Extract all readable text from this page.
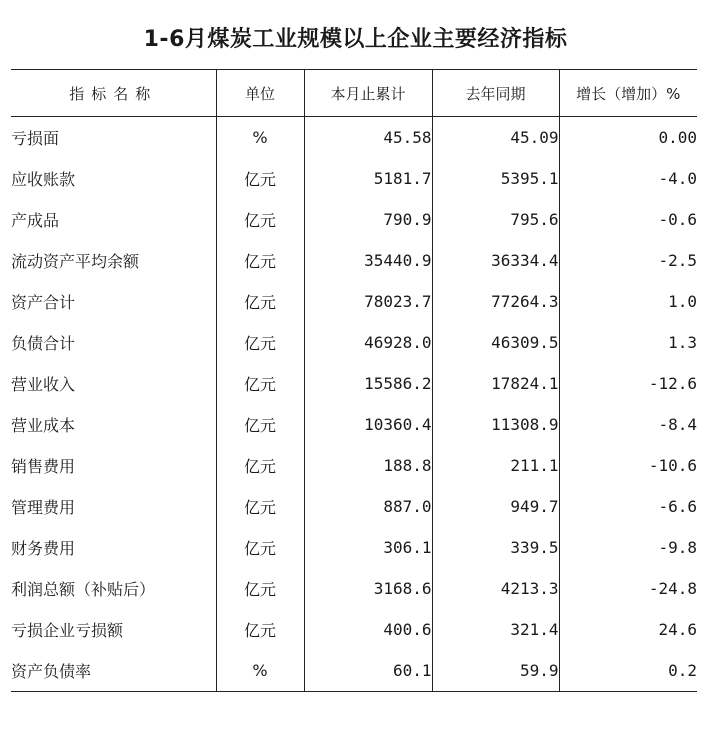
1-6月煤炭工业规模以上企业主要经济指标
指标名称	单位	本月止累计	去年同期	增长（增加）%
亏损面	%	45.58	45.09	0.00
应收账款	亿元	5181.7	5395.1	-4.0
产成品	亿元	790.9	795.6	-0.6
流动资产平均余额	亿元	35440.9	36334.4	-2.5
资产合计	亿元	78023.7	77264.3	1.0
负债合计	亿元	46928.0	46309.5	1.3
营业收入	亿元	15586.2	17824.1	-12.6
营业成本	亿元	10360.4	11308.9	-8.4
销售费用	亿元	188.8	211.1	-10.6
管理费用	亿元	887.0	949.7	-6.6
财务费用	亿元	306.1	339.5	-9.8
利润总额（补贴后）	亿元	3168.6	4213.3	-24.8
亏损企业亏损额	亿元	400.6	321.4	24.6
资产负债率	%	60.1	59.9	0.2
